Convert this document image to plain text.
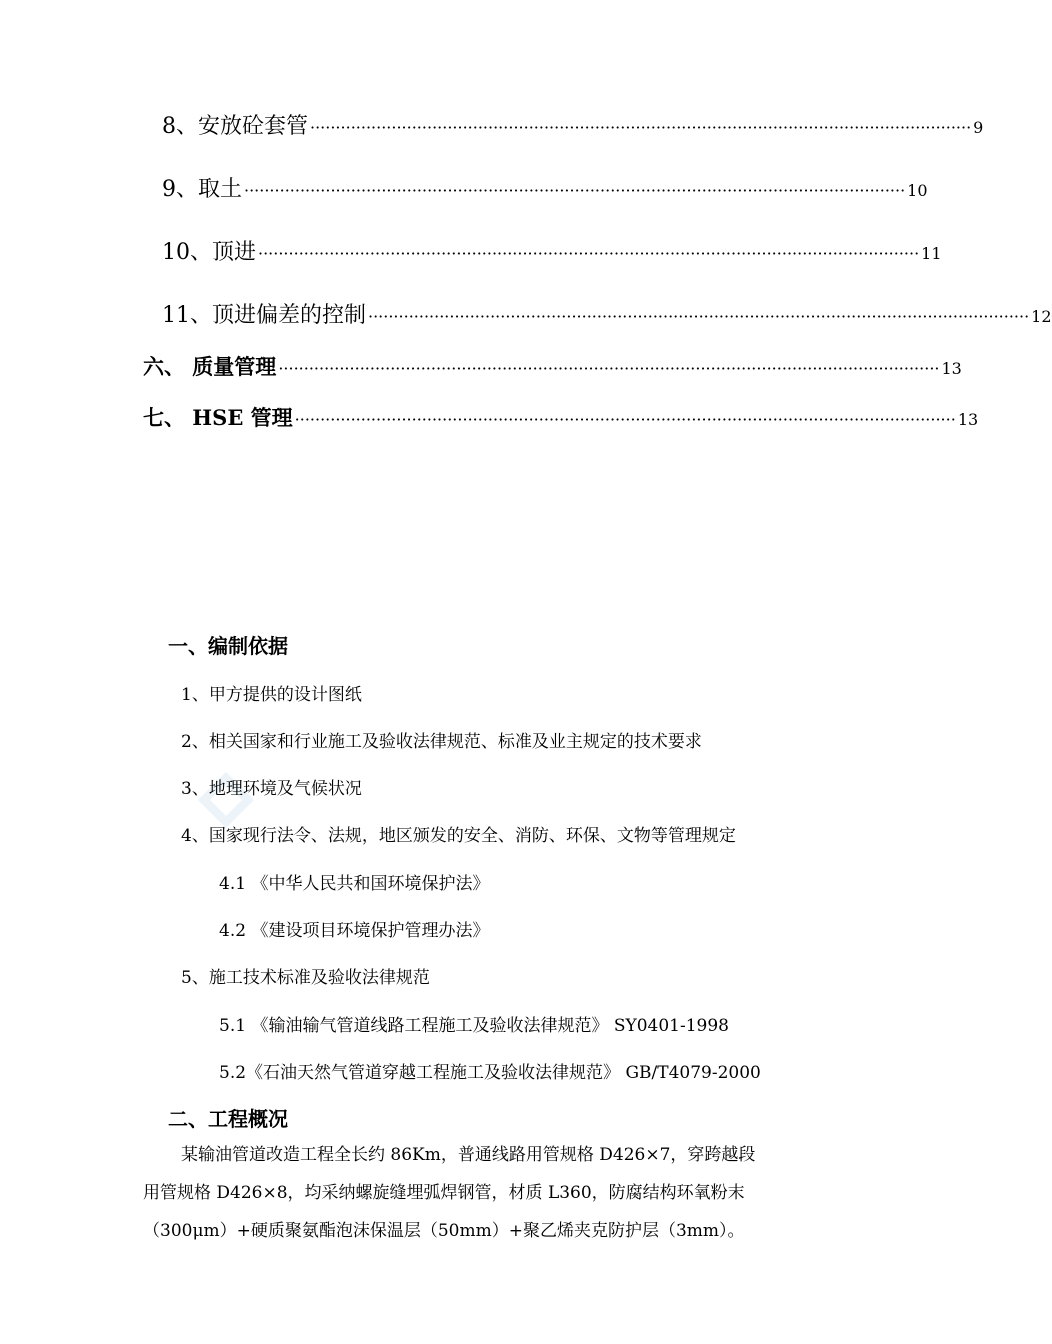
8、安放砼套管 ·································································································································· 9
9、取土 ·································································································································· 10
10、顶进 ·································································································································· 11
11、顶进偏差的控制 ·································································································································· 12
六、 质量管理 ·································································································································· 13
七、 HSE 管理 ·································································································································· 13
一、编制依据
1、甲方提供的设计图纸
2、相关国家和行业施工及验收法律规范、标准及业主规定的技术要求
3、地理环境及气候状况
4、国家现行法令、法规，地区颁发的安全、消防、环保、文物等管理规定
4.1 《中华人民共和国环境保护法》
4.2 《建设项目环境保护管理办法》
5、施工技术标准及验收法律规范
5.1 《输油输气管道线路工程施工及验收法律规范》 SY0401-1998
5.2《石油天然气管道穿越工程施工及验收法律规范》 GB/T4079-2000
二、工程概况
某输油管道改造工程全长约 86Km，普通线路用管规格 D426×7，穿跨越段
用管规格 D426×8，均采纳螺旋缝埋弧焊钢管，材质 L360，防腐结构环氧粉末
（300μm）+硬质聚氨酯泡沫保温层（50mm）+聚乙烯夹克防护层（3mm）。
